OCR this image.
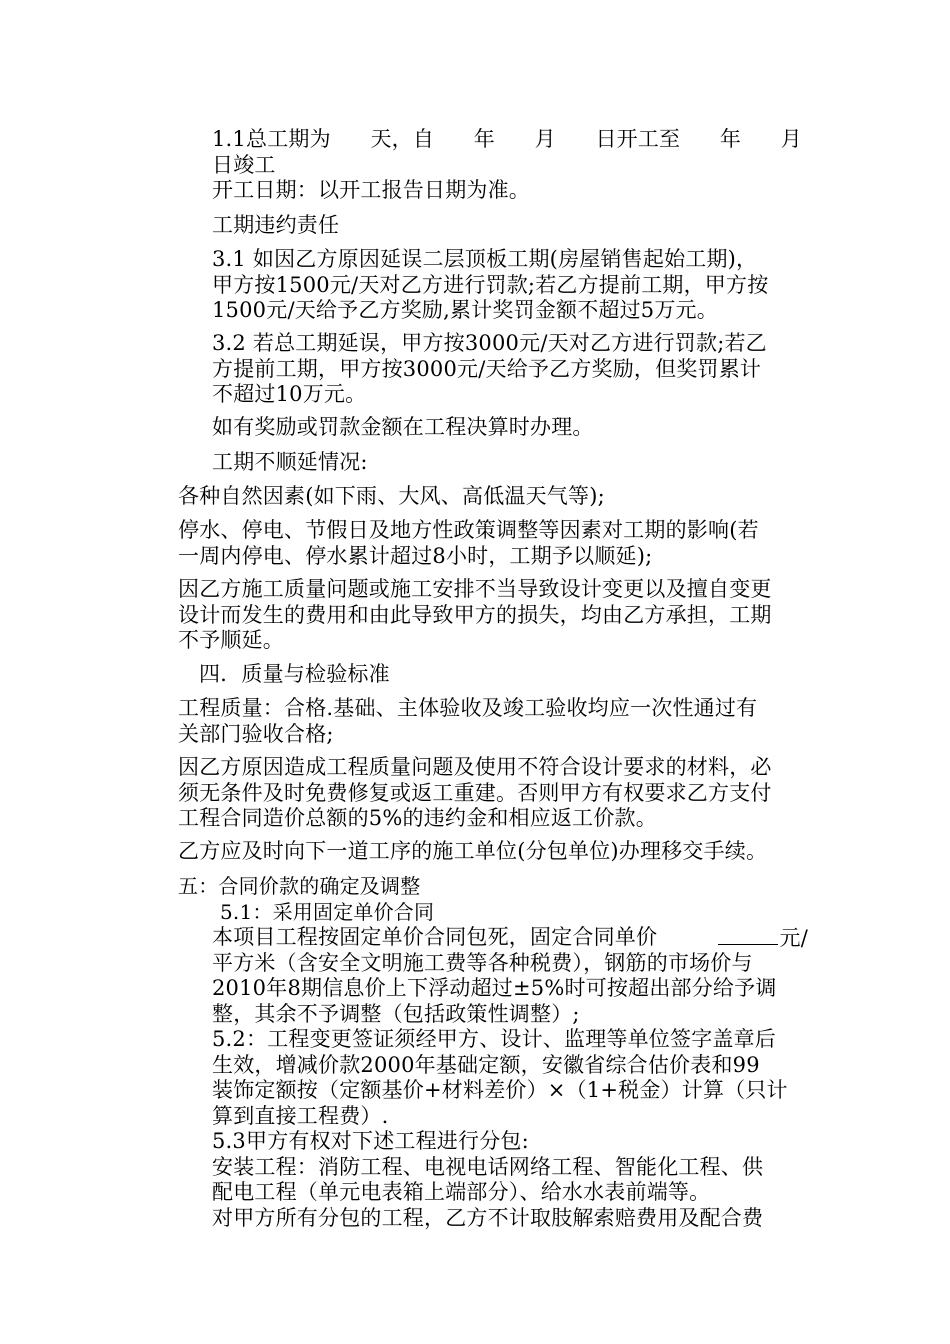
1.1总工期为 天，自 年 月 日开工至 年 月
日竣工
开工日期：以开工报告日期为准。
工期违约责任
3.1 如因乙方原因延误二层顶板工期(房屋销售起始工期)，
甲方按1500元/天对乙方进行罚款;若乙方提前工期，甲方按
1500元/天给予乙方奖励,累计奖罚金额不超过5万元。
3.2 若总工期延误，甲方按3000元/天对乙方进行罚款;若乙
方提前工期，甲方按3000元/天给予乙方奖励，但奖罚累计
不超过10万元。
如有奖励或罚款金额在工程决算时办理。
工期不顺延情况:
各种自然因素(如下雨、大风、高低温天气等);
停水、停电、节假日及地方性政策调整等因素对工期的影响(若
一周内停电、停水累计超过8小时，工期予以顺延);
因乙方施工质量问题或施工安排不当导致设计变更以及擅自变更
设计而发生的费用和由此导致甲方的损失，均由乙方承担，工期
不予顺延。
四．质量与检验标准
工程质量：合格.基础、主体验收及竣工验收均应一次性通过有
关部门验收合格;
因乙方原因造成工程质量问题及使用不符合设计要求的材料，必
须无条件及时免费修复或返工重建。否则甲方有权要求乙方支付
工程合同造价总额的5%的违约金和相应返工价款。
乙方应及时向下一道工序的施工单位(分包单位)办理移交手续。
五：合同价款的确定及调整
5.1：采用固定单价合同
本项目工程按固定单价合同包死，固定合同单价	元/
平方米（含安全文明施工费等各种税费），钢筋的市场价与
2010年8期信息价上下浮动超过±5%时可按超出部分给予调
整，其余不予调整（包括政策性调整）;
5.2：工程变更签证须经甲方、设计、监理等单位签字盖章后
生效，增减价款2000年基础定额，安徽省综合估价表和99
装饰定额按（定额基价+材料差价）×（1+税金）计算（只计
算到直接工程费）.
5.3甲方有权对下述工程进行分包:
安装工程：消防工程、电视电话网络工程、智能化工程、供
配电工程（单元电表箱上端部分）、给水水表前端等。
对甲方所有分包的工程，乙方不计取肢解索赔费用及配合费
